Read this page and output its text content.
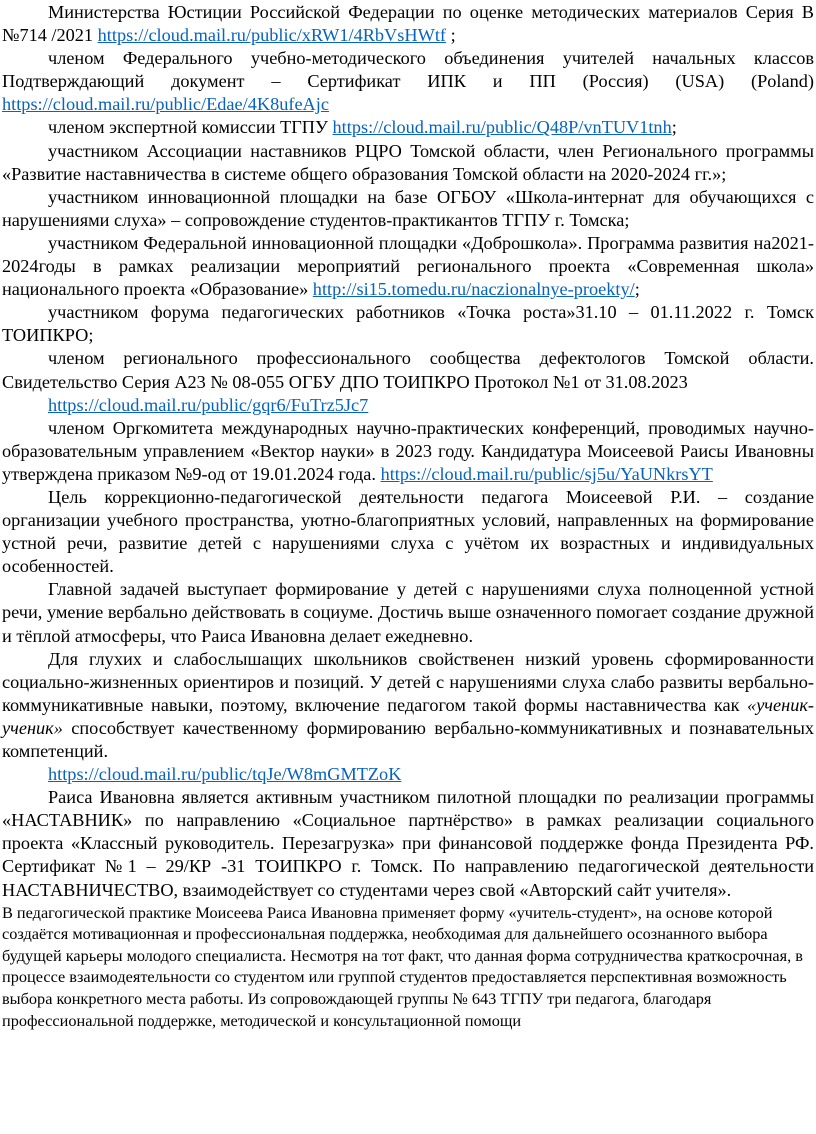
Министерства Юстиции Российской Федерации по оценке методических материалов Серия В №714 /2021 https://cloud.mail.ru/public/xRW1/4RbVsHWtf ;

членом Федерального учебно-методического объединения учителей начальных классов Подтверждающий документ – Сертификат ИПК и ПП (Россия) (USA) (Poland) https://cloud.mail.ru/public/Edae/4K8ufeAjc

членом экспертной комиссии ТГПУ https://cloud.mail.ru/public/Q48P/vnTUV1tnh;

участником Ассоциации наставников РЦРО Томской области, член Регионального программы «Развитие наставничества в системе общего образования Томской области на 2020-2024 гг.»;

участником инновационной площадки на базе ОГБОУ «Школа-интернат для обучающихся с нарушениями слуха» – сопровождение студентов-практикантов ТГПУ г. Томска;

участником Федеральной инновационной площадки «Доброшкола». Программа развития на2021-2024годы в рамках реализации мероприятий регионального проекта «Современная школа» национального проекта «Образование» http://si15.tomedu.ru/naczionalnye-proekty/;

участником форума педагогических работников «Точка роста»31.10 – 01.11.2022 г. Томск ТОИПКРО;

членом регионального профессионального сообщества дефектологов Томской области. Свидетельство Серия А23 № 08-055 ОГБУ ДПО ТОИПКРО Протокол №1 от 31.08.2023

https://cloud.mail.ru/public/gqr6/FuTrz5Jc7

членом Оргкомитета международных научно-практических конференций, проводимых научно-образовательным управлением «Вектор науки» в 2023 году. Кандидатура Моисеевой Раисы Ивановны утверждена приказом №9-од от 19.01.2024 года. https://cloud.mail.ru/public/sj5u/YaUNkrsYT

Цель коррекционно-педагогической деятельности педагога Моисеевой Р.И. – создание организации учебного пространства, уютно-благоприятных условий, направленных на формирование устной речи, развитие детей с нарушениями слуха с учётом их возрастных и индивидуальных особенностей.

Главной задачей выступает формирование у детей с нарушениями слуха полноценной устной речи, умение вербально действовать в социуме. Достичь выше означенного помогает создание дружной и тёплой атмосферы, что Раиса Ивановна делает ежедневно.

Для глухих и слабослышащих школьников свойственен низкий уровень сформированности социально-жизненных ориентиров и позиций. У детей с нарушениями слуха слабо развиты вербально-коммуникативные навыки, поэтому, включение педагогом такой формы наставничества как «ученик-ученик» способствует качественному формированию вербально-коммуникативных и познавательных компетенций.

https://cloud.mail.ru/public/tqJe/W8mGMTZoK

Раиса Ивановна является активным участником пилотной площадки по реализации программы «НАСТАВНИК» по направлению «Социальное партнёрство» в рамках реализации социального проекта «Классный руководитель. Перезагрузка» при финансовой поддержке фонда Президента РФ. Сертификат №1 – 29/КР -31 ТОИПКРО г. Томск. По направлению педагогической деятельности НАСТАВНИЧЕСТВО, взаимодействует со студентами через свой «Авторский сайт учителя».

В педагогической практике Моисеева Раиса Ивановна применяет форму «учитель-студент», на основе которой создаётся мотивационная и профессиональная поддержка, необходимая для дальнейшего осознанного выбора будущей карьеры молодого специалиста. Несмотря на тот факт, что данная форма сотрудничества краткосрочная, в процессе взаимодеятельности со студентом или группой студентов предоставляется перспективная возможность выбора конкретного места работы. Из сопровождающей группы № 643 ТГПУ три педагога, благодаря профессиональной поддержке, методической и консультационной помощи
